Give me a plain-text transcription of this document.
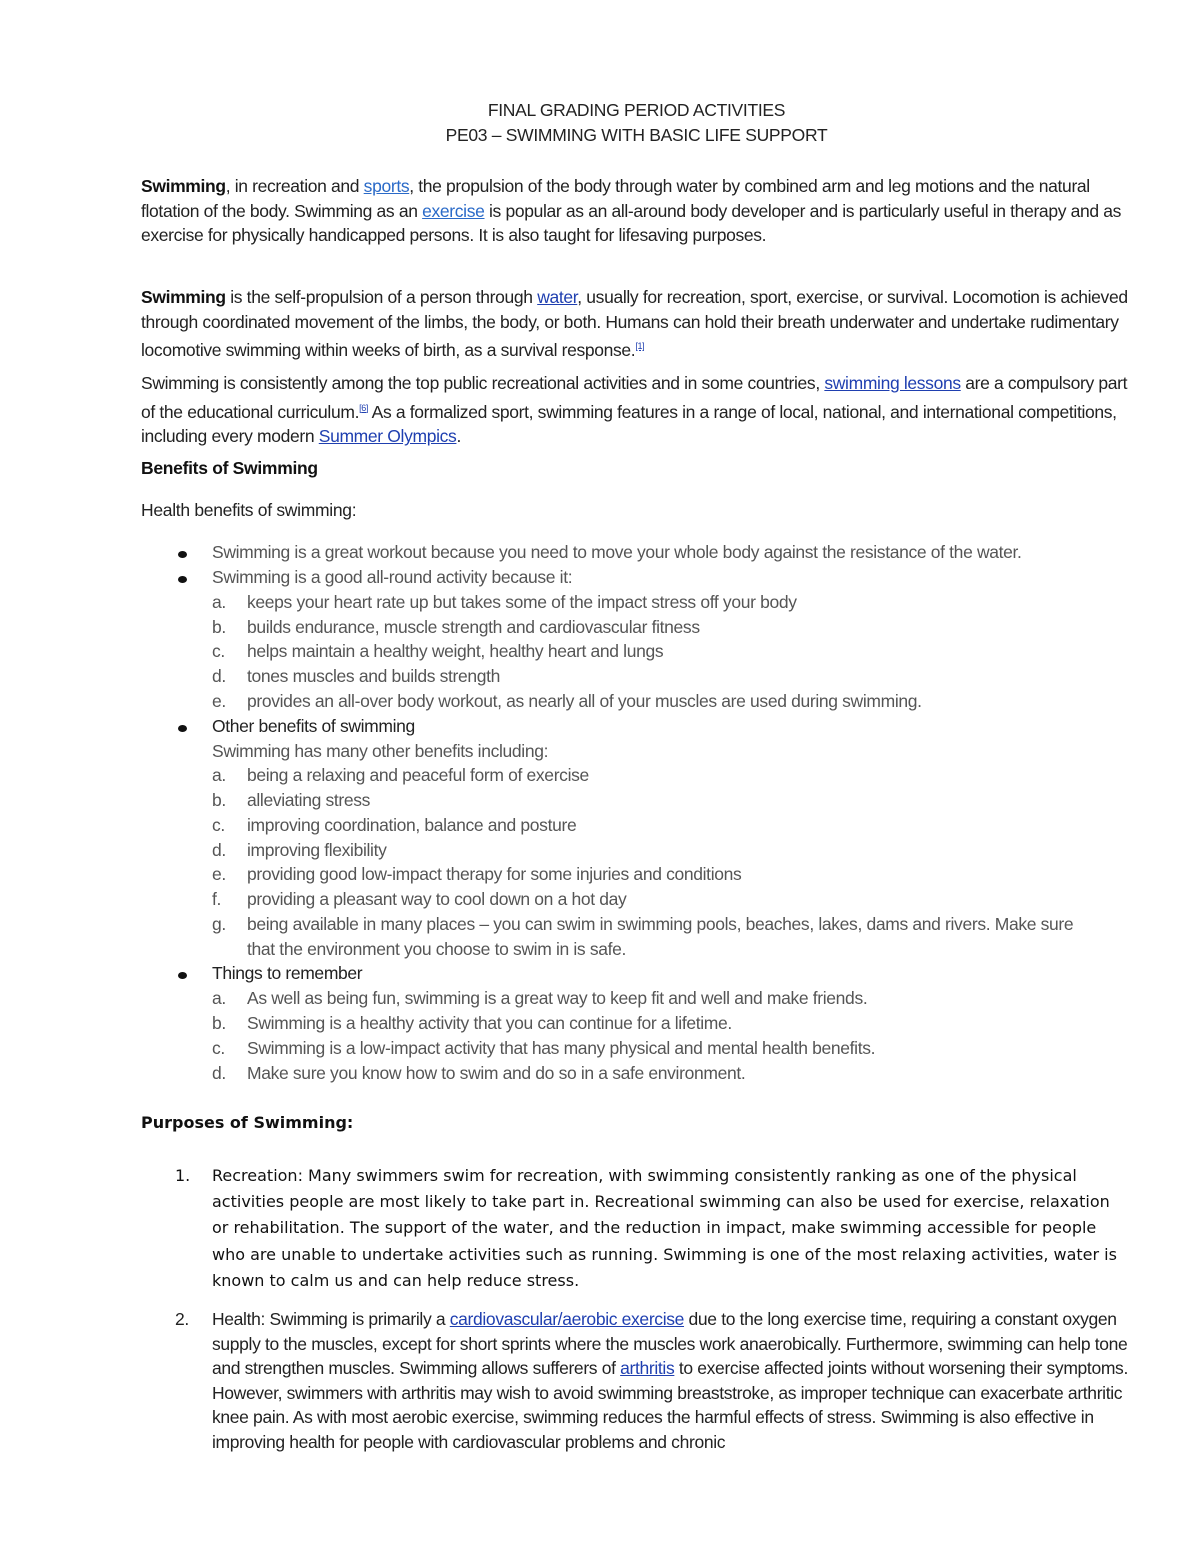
FINAL GRADING PERIOD ACTIVITIES
PE03 – SWIMMING WITH BASIC LIFE SUPPORT
Swimming, in recreation and sports, the propulsion of the body through water by combined arm and leg motions and the natural flotation of the body. Swimming as an exercise is popular as an all-around body developer and is particularly useful in therapy and as exercise for physically handicapped persons. It is also taught for lifesaving purposes.
Swimming is the self-propulsion of a person through water, usually for recreation, sport, exercise, or survival. Locomotion is achieved through coordinated movement of the limbs, the body, or both. Humans can hold their breath underwater and undertake rudimentary locomotive swimming within weeks of birth, as a survival response.[1]
Swimming is consistently among the top public recreational activities and in some countries, swimming lessons are a compulsory part of the educational curriculum.[6] As a formalized sport, swimming features in a range of local, national, and international competitions, including every modern Summer Olympics.
Benefits of Swimming
Health benefits of swimming:
Swimming is a great workout because you need to move your whole body against the resistance of the water.
Swimming is a good all-round activity because it:
a. keeps your heart rate up but takes some of the impact stress off your body
b. builds endurance, muscle strength and cardiovascular fitness
c. helps maintain a healthy weight, healthy heart and lungs
d. tones muscles and builds strength
e. provides an all-over body workout, as nearly all of your muscles are used during swimming.
Other benefits of swimming
Swimming has many other benefits including:
a. being a relaxing and peaceful form of exercise
b. alleviating stress
c. improving coordination, balance and posture
d. improving flexibility
e. providing good low-impact therapy for some injuries and conditions
f. providing a pleasant way to cool down on a hot day
g. being available in many places – you can swim in swimming pools, beaches, lakes, dams and rivers. Make sure
that the environment you choose to swim in is safe.
Things to remember
a. As well as being fun, swimming is a great way to keep fit and well and make friends.
b. Swimming is a healthy activity that you can continue for a lifetime.
c. Swimming is a low-impact activity that has many physical and mental health benefits.
d. Make sure you know how to swim and do so in a safe environment.
Purposes of Swimming:
1. Recreation: Many swimmers swim for recreation, with swimming consistently ranking as one of the physical activities people are most likely to take part in. Recreational swimming can also be used for exercise, relaxation or rehabilitation. The support of the water, and the reduction in impact, make swimming accessible for people who are unable to undertake activities such as running. Swimming is one of the most relaxing activities, water is known to calm us and can help reduce stress.
2. Health: Swimming is primarily a cardiovascular/aerobic exercise due to the long exercise time, requiring a constant oxygen supply to the muscles, except for short sprints where the muscles work anaerobically. Furthermore, swimming can help tone and strengthen muscles. Swimming allows sufferers of arthritis to exercise affected joints without worsening their symptoms. However, swimmers with arthritis may wish to avoid swimming breaststroke, as improper technique can exacerbate arthritic knee pain. As with most aerobic exercise, swimming reduces the harmful effects of stress. Swimming is also effective in improving health for people with cardiovascular problems and chronic
